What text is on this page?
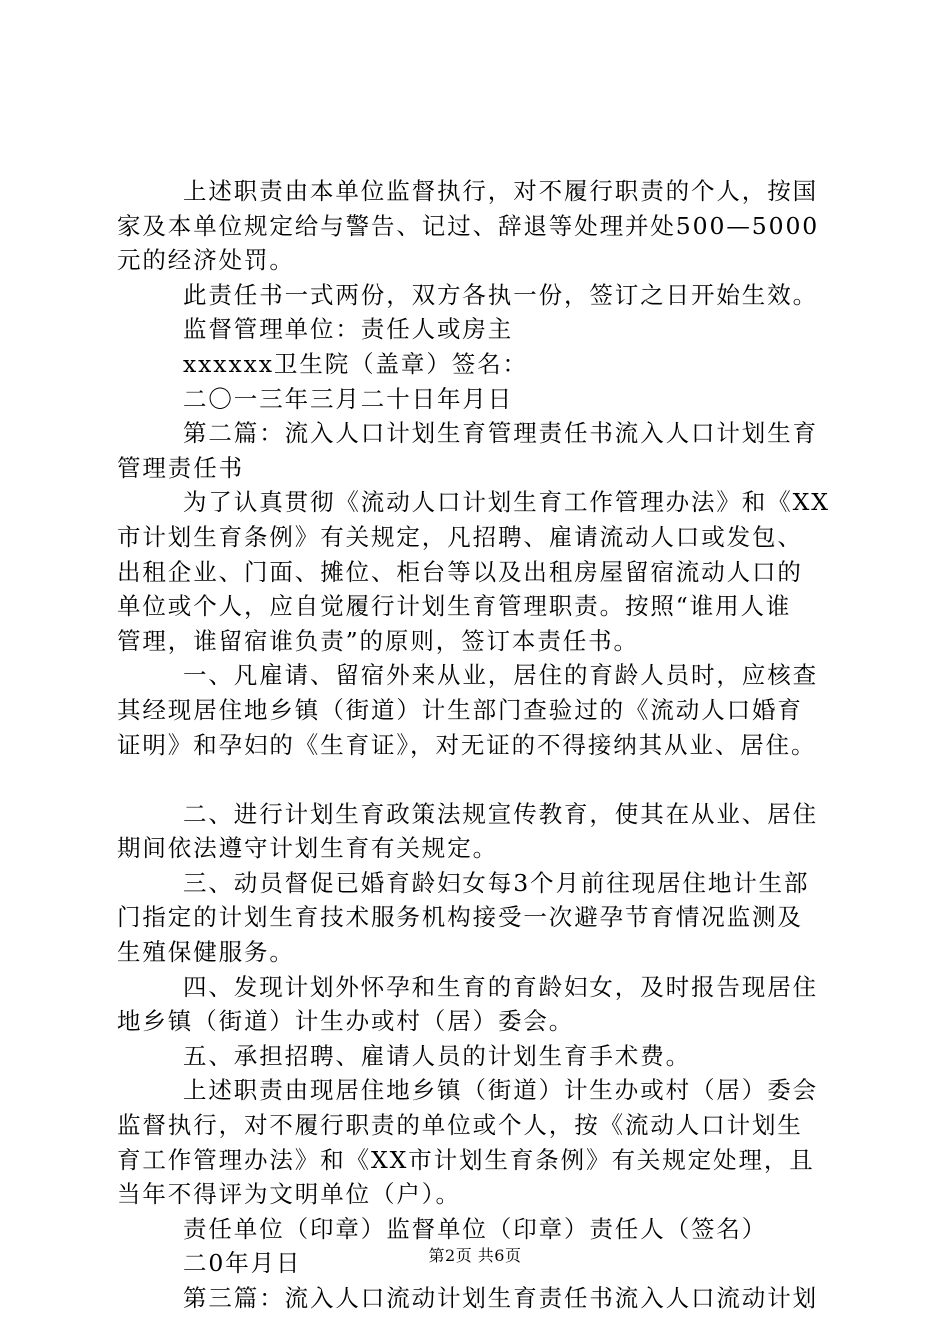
上述职责由本单位监督执行，对不履行职责的个人，按国
家及本单位规定给与警告、记过、辞退等处理并处500—5000
元的经济处罚。
此责任书一式两份，双方各执一份，签订之日开始生效。
监督管理单位：责任人或房主
xxxxxx卫生院（盖章）签名：
二〇一三年三月二十日年月日
第二篇：流入人口计划生育管理责任书流入人口计划生育
管理责任书
为了认真贯彻《流动人口计划生育工作管理办法》和《XX
市计划生育条例》有关规定，凡招聘、雇请流动人口或发包、
出租企业、门面、摊位、柜台等以及出租房屋留宿流动人口的
单位或个人，应自觉履行计划生育管理职责。按照“谁用人谁
管理，谁留宿谁负责”的原则，签订本责任书。
一、凡雇请、留宿外来从业，居住的育龄人员时，应核查
其经现居住地乡镇（街道）计生部门查验过的《流动人口婚育
证明》和孕妇的《生育证》，对无证的不得接纳其从业、居住。
二、进行计划生育政策法规宣传教育，使其在从业、居住
期间依法遵守计划生育有关规定。
三、动员督促已婚育龄妇女每3个月前往现居住地计生部
门指定的计划生育技术服务机构接受一次避孕节育情况监测及
生殖保健服务。
四、发现计划外怀孕和生育的育龄妇女，及时报告现居住
地乡镇（街道）计生办或村（居）委会。
五、承担招聘、雇请人员的计划生育手术费。
上述职责由现居住地乡镇（街道）计生办或村（居）委会
监督执行，对不履行职责的单位或个人，按《流动人口计划生
育工作管理办法》和《XX市计划生育条例》有关规定处理，且
当年不得评为文明单位（户）。
责任单位（印章）监督单位（印章）责任人（签名）
二0年月日
第三篇：流入人口流动计划生育责任书流入人口流动计划
第2页 共6页
